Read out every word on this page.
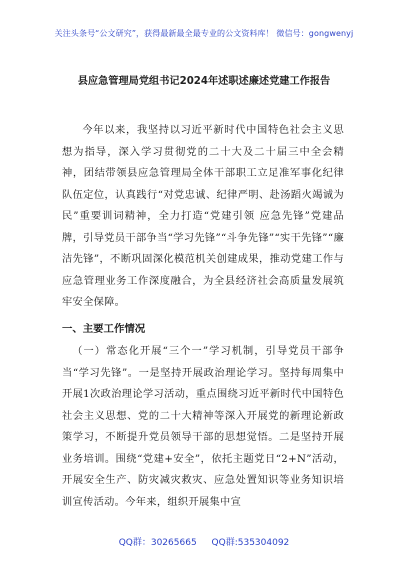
关注头条号“公文研究”，获得最新最全最专业的公文资料库！ 微信号：gongwenyj
县应急管理局党组书记2024年述职述廉述党建工作报告
今年以来，我坚持以习近平新时代中国特色社会主义思想为指导，深入学习贯彻党的二十大及二十届三中全会精神，团结带领县应急管理局全体干部职工立足准军事化纪律队伍定位，认真践行“对党忠诚、纪律严明、赴汤蹈火竭诚为民”重要训词精神，全力打造“党建引领 应急先锋”党建品牌，引导党员干部争当“学习先锋”“斗争先锋”“实干先锋”“廉洁先锋”，不断巩固深化模范机关创建成果，推动党建工作与应急管理业务工作深度融合，为全县经济社会高质量发展筑牢安全保障。
一、主要工作情况
（一）常态化开展“三个一”学习机制，引导党员干部争当“学习先锋”。一是坚持开展政治理论学习。坚持每周集中开展1次政治理论学习活动，重点围绕习近平新时代中国特色社会主义思想、党的二十大精神等深入开展党的新理论新政策学习，不断提升党员领导干部的思想觉悟。二是坚持开展业务培训。围绕“党建+安全”，依托主题党日“2+N”活动，开展安全生产、防灾减灾救灾、应急处置知识等业务知识培训宣传活动。今年来，组织开展集中宣
QQ群：30265665 QQ群:535304092
